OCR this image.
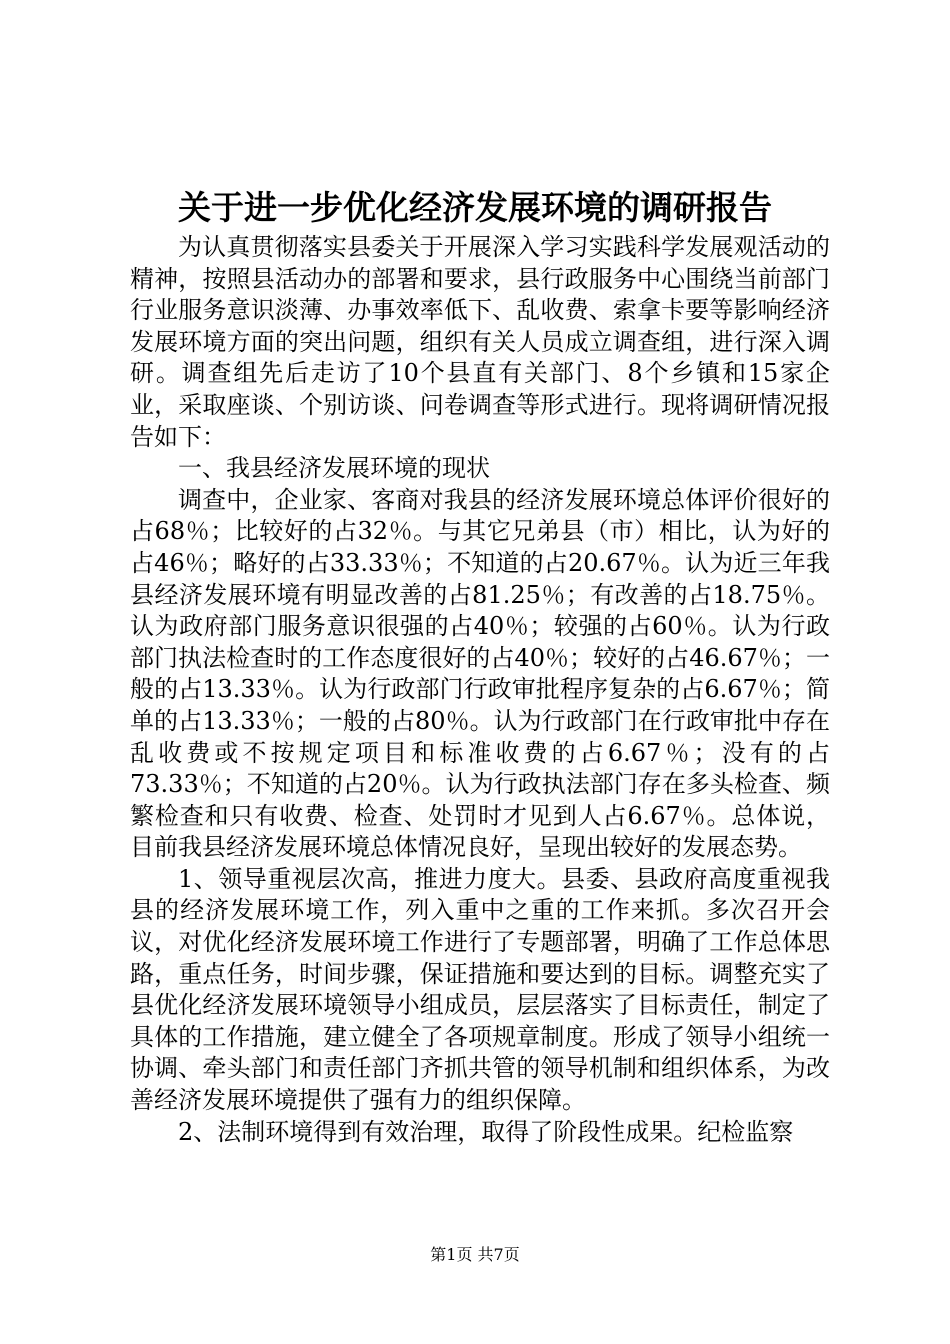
关于进一步优化经济发展环境的调研报告

为认真贯彻落实县委关于开展深入学习实践科学发展观活动的精神，按照县活动办的部署和要求，县行政服务中心围绕当前部门行业服务意识淡薄、办事效率低下、乱收费、索拿卡要等影响经济发展环境方面的突出问题，组织有关人员成立调查组，进行深入调研。调查组先后走访了10个县直有关部门、8个乡镇和15家企业，采取座谈、个别访谈、问卷调查等形式进行。现将调研情况报告如下：

一、我县经济发展环境的现状

调查中，企业家、客商对我县的经济发展环境总体评价很好的占68％；比较好的占32％。与其它兄弟县（市）相比，认为好的占46％；略好的占33.33％；不知道的占20.67％。认为近三年我县经济发展环境有明显改善的占81.25％；有改善的占18.75％。认为政府部门服务意识很强的占40％；较强的占60％。认为行政部门执法检查时的工作态度很好的占40％；较好的占46.67％；一般的占13.33％。认为行政部门行政审批程序复杂的占6.67％；简单的占13.33％；一般的占80％。认为行政部门在行政审批中存在乱收费或不按规定项目和标准收费的占6.67％；没有的占73.33％；不知道的占20％。认为行政执法部门存在多头检查、频繁检查和只有收费、检查、处罚时才见到人占6.67％。总体说，目前我县经济发展环境总体情况良好，呈现出较好的发展态势。

1、领导重视层次高，推进力度大。县委、县政府高度重视我县的经济发展环境工作，列入重中之重的工作来抓。多次召开会议，对优化经济发展环境工作进行了专题部署，明确了工作总体思路，重点任务，时间步骤，保证措施和要达到的目标。调整充实了县优化经济发展环境领导小组成员，层层落实了目标责任，制定了具体的工作措施，建立健全了各项规章制度。形成了领导小组统一协调、牵头部门和责任部门齐抓共管的领导机制和组织体系，为改善经济发展环境提供了强有力的组织保障。

2、法制环境得到有效治理，取得了阶段性成果。纪检监察

第1页 共7页
